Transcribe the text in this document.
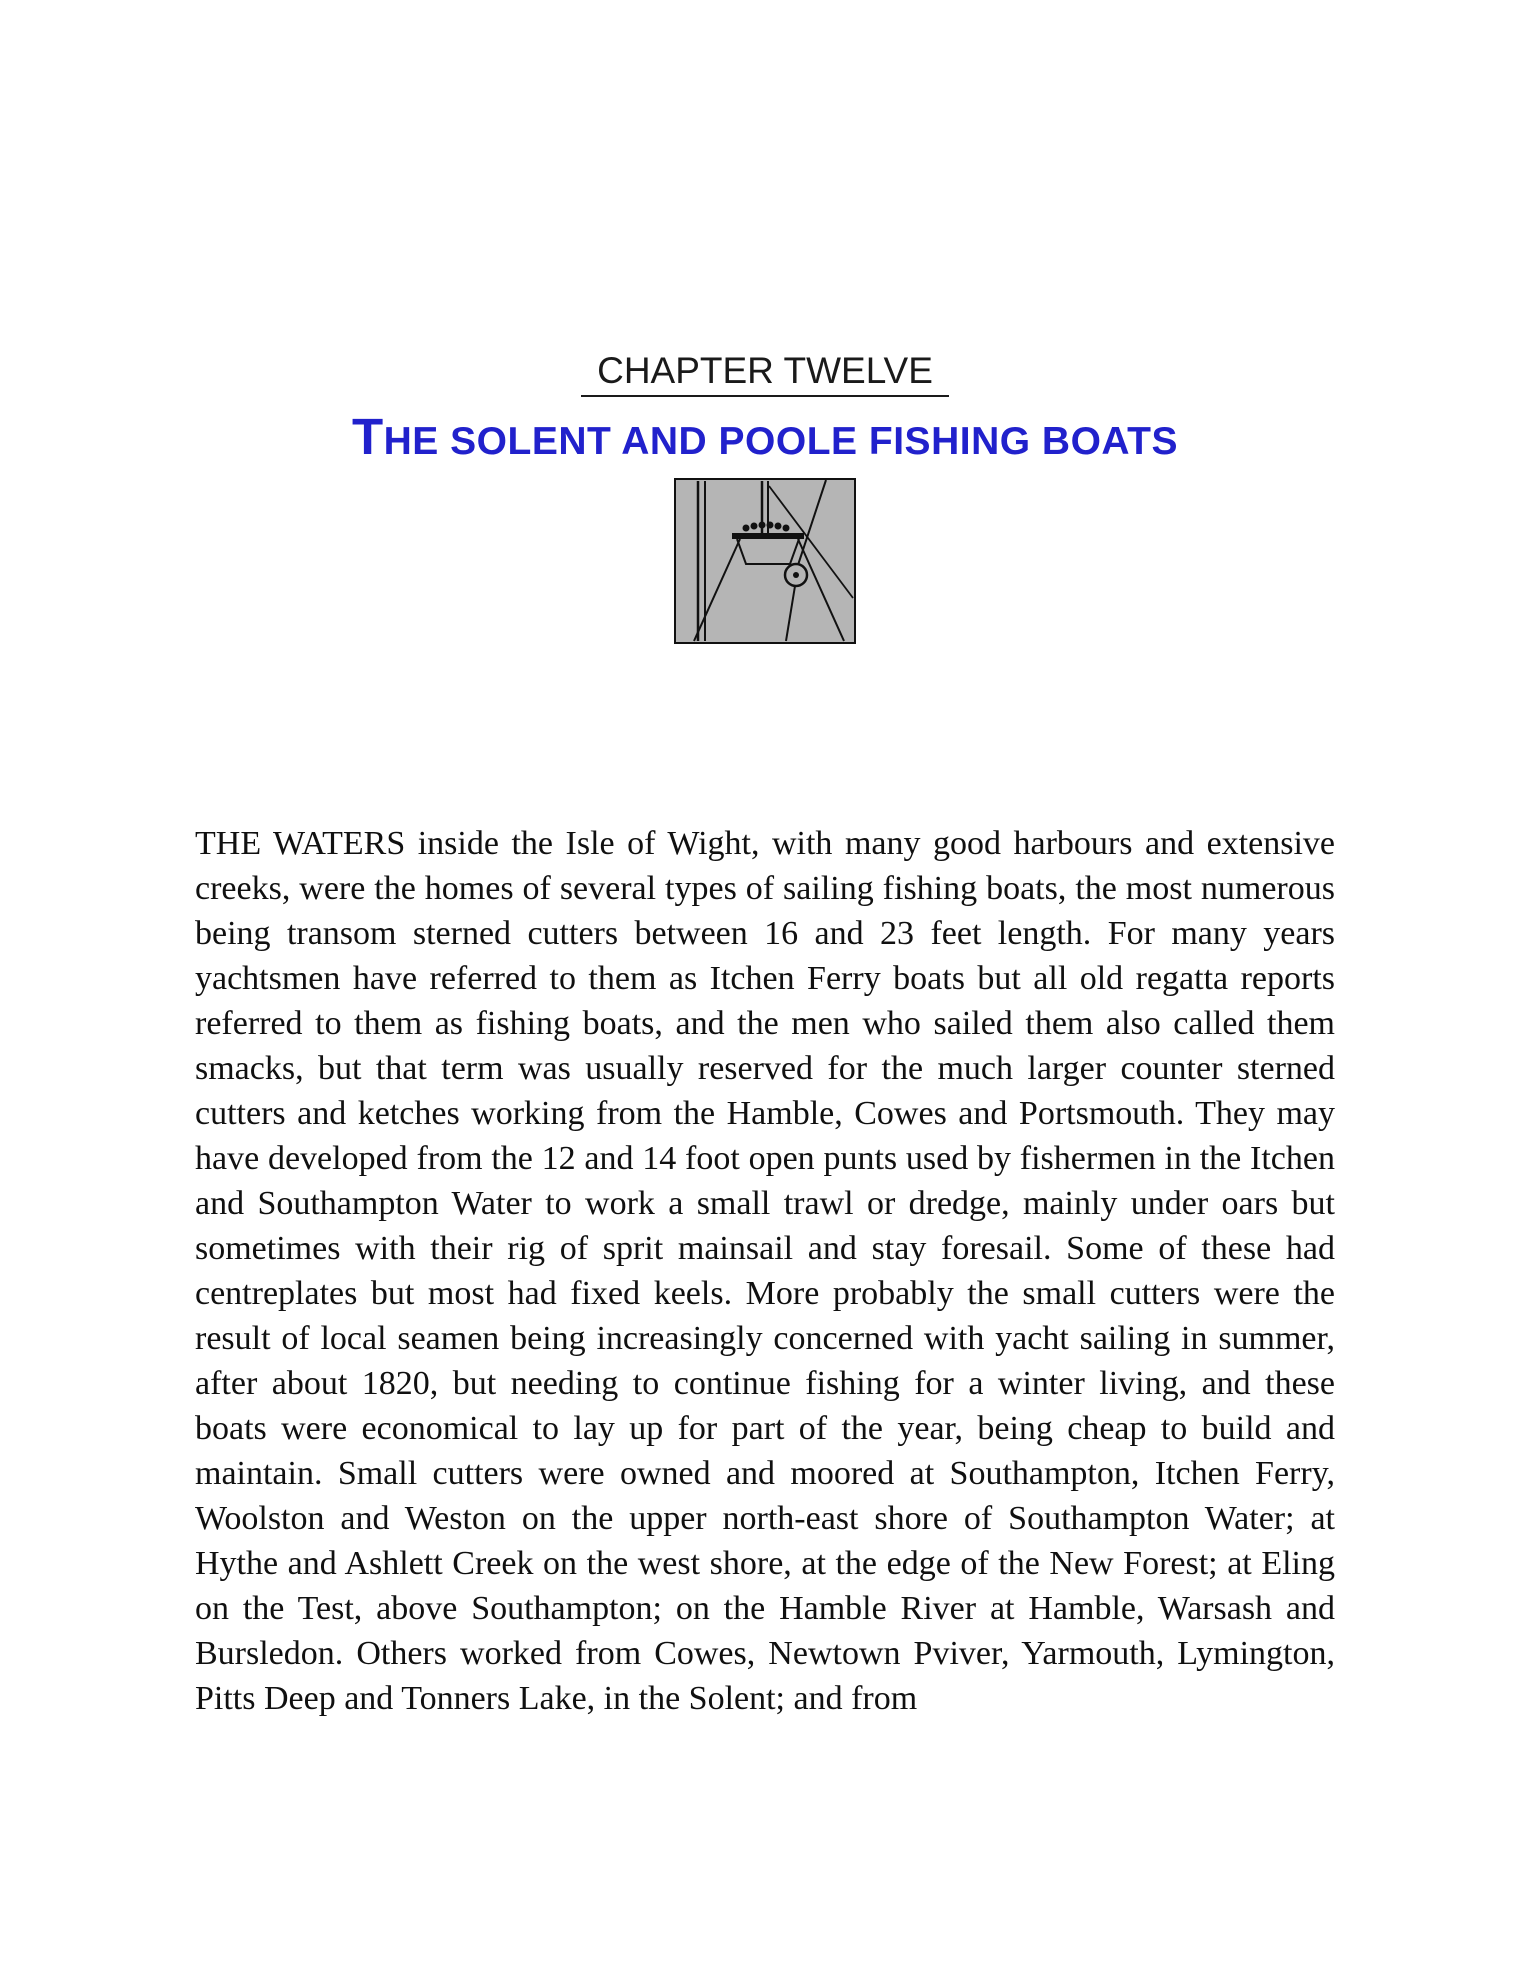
CHAPTER TWELVE
THE SOLENT AND POOLE FISHING BOATS

THE WATERS inside the Isle of Wight, with many good harbours and extensive creeks, were the homes of several types of sailing fishing boats, the most numerous being transom sterned cutters between 16 and 23 feet length. For many years yachtsmen have referred to them as Itchen Ferry boats but all old regatta reports referred to them as fishing boats, and the men who sailed them also called them smacks, but that term was usually reserved for the much larger counter sterned cutters and ketches working from the Hamble, Cowes and Portsmouth. They may have developed from the 12 and 14 foot open punts used by fishermen in the Itchen and Southampton Water to work a small trawl or dredge, mainly under oars but sometimes with their rig of sprit mainsail and stay foresail. Some of these had centreplates but most had fixed keels. More probably the small cutters were the result of local seamen being increasingly concerned with yacht sailing in summer, after about 1820, but needing to continue fishing for a winter living, and these boats were economical to lay up for part of the year, being cheap to build and maintain. Small cutters were owned and moored at Southampton, Itchen Ferry, Woolston and Weston on the upper north-east shore of Southampton Water; at Hythe and Ashlett Creek on the west shore, at the edge of the New Forest; at Eling on the Test, above Southampton; on the Hamble River at Hamble, Warsash and Bursledon. Others worked from Cowes, Newtown Pviver, Yarmouth, Lymington, Pitts Deep and Tonners Lake, in the Solent; and from
